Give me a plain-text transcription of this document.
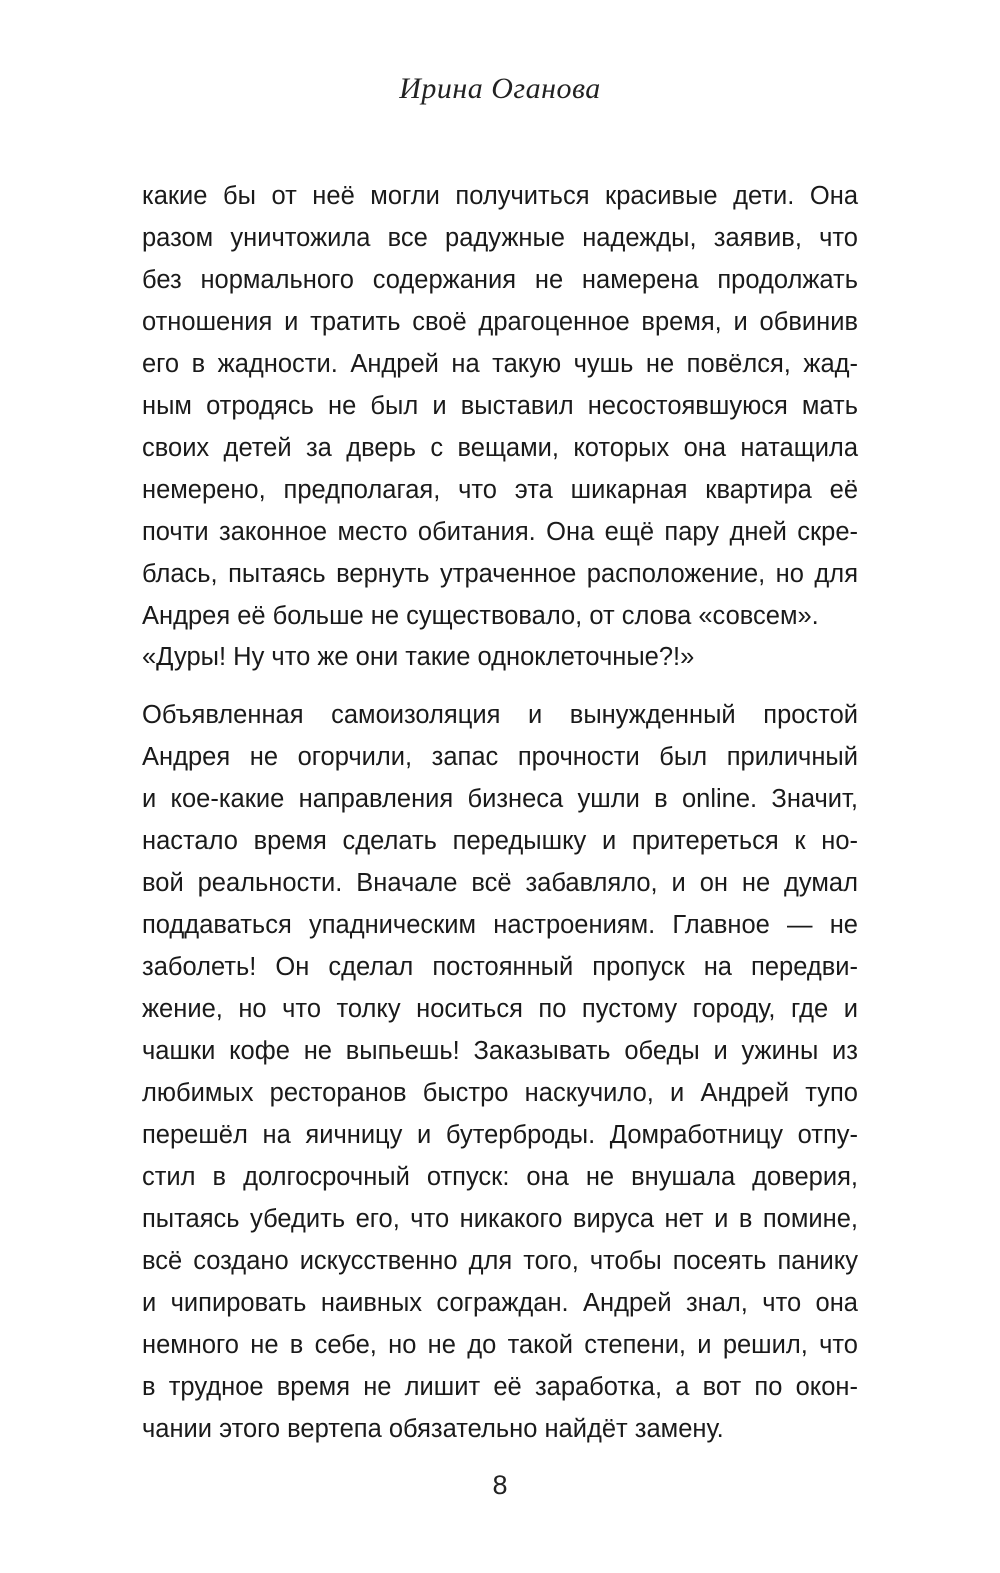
Ирина Оганова
какие бы от неё могли получиться красивые дети. Она
разом уничтожила все радужные надежды, заявив, что
без нормального содержания не намерена продолжать
отношения и тратить своё драгоценное время, и обвинив
его в жадности. Андрей на такую чушь не повёлся, жад-
ным отродясь не был и выставил несостоявшуюся мать
своих детей за дверь с вещами, которых она натащила
немерено, предполагая, что эта шикарная квартира её
почти законное место обитания. Она ещё пару дней скре-
блась, пытаясь вернуть утраченное расположение, но для
Андрея её больше не существовало, от слова «совсем».
«Дуры! Ну что же они такие одноклеточные?!»
Объявленная самоизоляция и вынужденный простой
Андрея не огорчили, запас прочности был приличный
и кое-какие направления бизнеса ушли в online. Значит,
настало время сделать передышку и притереться к но-
вой реальности. Вначале всё забавляло, и он не думал
поддаваться упадническим настроениям. Главное — не
заболеть! Он сделал постоянный пропуск на передви-
жение, но что толку носиться по пустому городу, где и
чашки кофе не выпьешь! Заказывать обеды и ужины из
любимых ресторанов быстро наскучило, и Андрей тупо
перешёл на яичницу и бутерброды. Домработницу отпу-
стил в долгосрочный отпуск: она не внушала доверия,
пытаясь убедить его, что никакого вируса нет и в помине,
всё создано искусственно для того, чтобы посеять панику
и чипировать наивных сограждан. Андрей знал, что она
немного не в себе, но не до такой степени, и решил, что
в трудное время не лишит её заработка, а вот по окон-
чании этого вертепа обязательно найдёт замену.
8
